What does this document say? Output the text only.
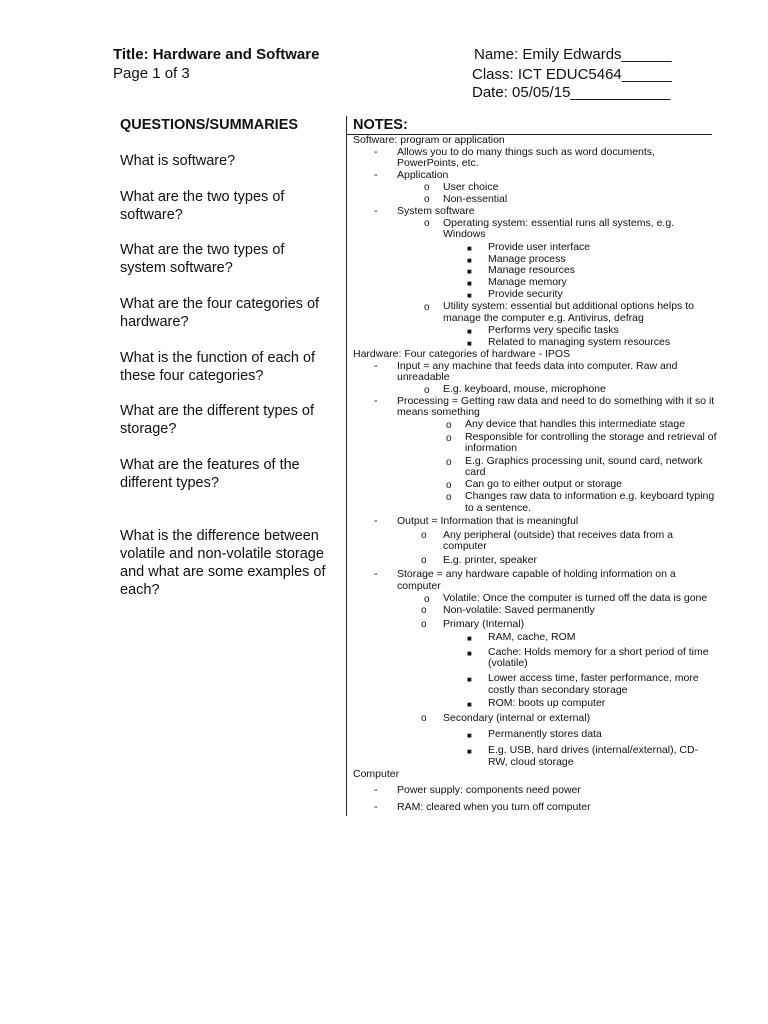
Title: Hardware and Software
Page 1 of 3
Name: Emily Edwards______
Class: ICT EDUC5464______
Date: 05/05/15____________
QUESTIONS/SUMMARIES	NOTES:
What is software?
What are the two types of
software?
What are the two types of
system software?
What are the four categories of
hardware?
What is the function of each of
these four categories?
What are the different types of
storage?
What are the features of the
different types?
What is the difference between
volatile and non-volatile storage
and what are some examples of
each?
Software: program or application
- Allows you to do many things such as word documents,
PowerPoints, etc.
- Application
o User choice
o Non-essential
- System software
o Operating system: essential runs all systems, e.g.
Windows
■ Provide user interface
■ Manage process
■ Manage resources
■ Manage memory
■ Provide security
o Utility system: essential but additional options helps to
manage the computer e.g. Antivirus, defrag
■ Performs very specific tasks
■ Related to managing system resources
Hardware: Four categories of hardware - IPOS
- Input = any machine that feeds data into computer. Raw and
unreadable
o E.g. keyboard, mouse, microphone
- Processing = Getting raw data and need to do something with it so it
means something
o Any device that handles this intermediate stage
o Responsible for controlling the storage and retrieval of
information
o E.g. Graphics processing unit, sound card, network
card
o Can go to either output or storage
o Changes raw data to information e.g. keyboard typing
to a sentence.
- Output = Information that is meaningful
o Any peripheral (outside) that receives data from a
computer
o E.g. printer, speaker
- Storage = any hardware capable of holding information on a
computer
o Volatile: Once the computer is turned off the data is gone
o Non-volatile: Saved permanently
o Primary (Internal)
■ RAM, cache, ROM
■ Cache: Holds memory for a short period of time
(volatile)
■ Lower access time, faster performance, more
costly than secondary storage
■ ROM: boots up computer
o Secondary (internal or external)
■ Permanently stores data
■ E.g. USB, hard drives (internal/external), CD-
RW, cloud storage
Computer
- Power supply: components need power
- RAM: cleared when you turn off computer
